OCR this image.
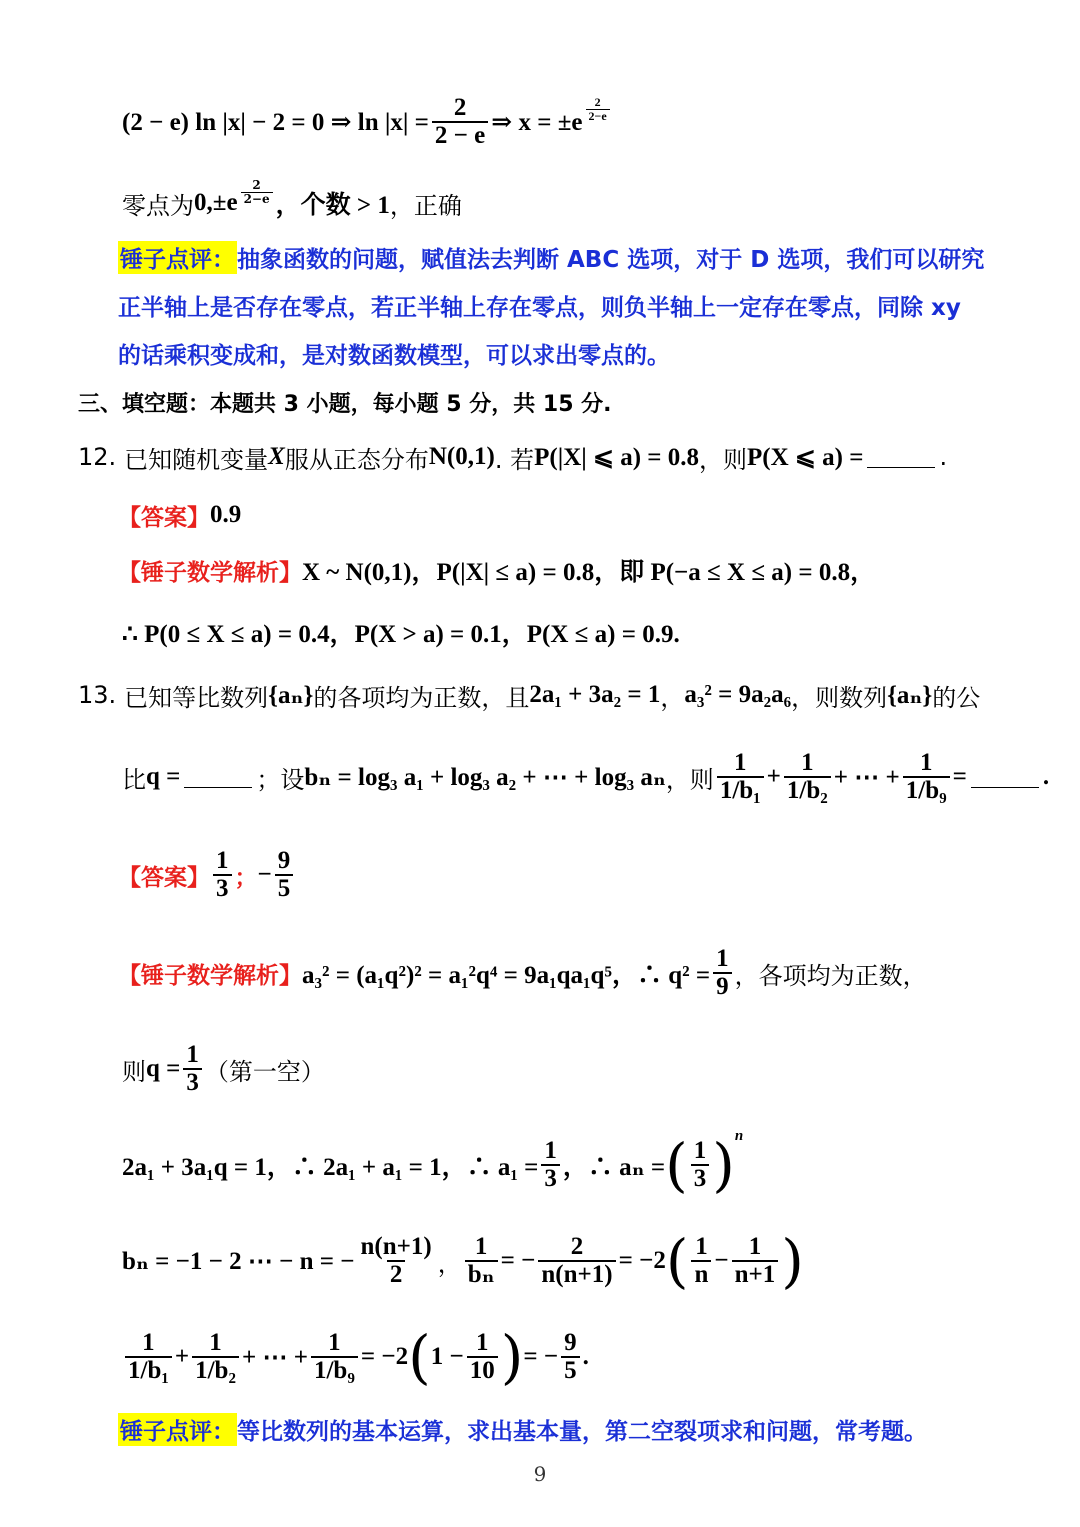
(2 − e) ln |x| − 2 = 0 ⇒ $\ln |x| = \frac{2}{2 - e}$ ⇒ $x = \pm e \frac{2}{2-e}$
零点为 $0,\pm e \frac{2}{2-e}$ ，个数 > 1 ，正确
锤子点评： 抽象函数的问题，赋值法去判断 ABC 选项，对于 D 选项，我们可以研究
正半轴上是否存在零点，若正半轴上存在零点，则负半轴上一定存在零点，同除 xy
的话乘积变成和，是对数函数模型，可以求出零点的。
三、填空题：本题共 3 小题，每小题 5 分，共 15 分.
12. 已知随机变量 X 服从正态分布 N(0,1) . 若 P(|X| ⩽ a) = 0.8 ，则 P(X ⩽ a) =	.
【答案】 0.9
【锤子数学解析】 X ~ N(0,1)，P(|X| ≤ a) = 0.8，即 P(−a ≤ X ≤ a) = 0.8，
∴ P(0 ≤ X ≤ a) = 0.4，P(X > a) = 0.1，P(X ≤ a) = 0.9.
13. 已知等比数列 {aₙ} 的各项均为正数，且 2a₁ + 3a₂ = 1 ， a₃² = 9a₂a₆ ，则数列 {aₙ} 的公
比 q =	；设 bₙ = log₃ a₁ + log₃ a₂ + ⋯ + log₃ aₙ ，则 $\frac{1}{\text{1/b₁}} + \frac{1}{\text{1/b₂}}$ + ⋯ + $\frac{1}{\text{1/b₉}}$ =	.
【答案】 $\frac{1}{3}$ ； − $\frac{9}{5}$
【锤子数学解析】 a₃² = (a₁q²)² = a₁²q⁴ = 9a₁qa₁q⁵，∴ $q^2 = \frac{1}{9}$ ，各项均为正数，
则 $q = \frac{1}{3}$ （第一空）
2a₁ + 3a₁q = 1，∴ 2a₁ + a₁ = 1，∴ $a_1 = \frac{1}{3}$ ，∴ aₙ = ( $\frac{1}{3}$ ) n
bₙ = −1 − 2 ⋯ − n = − $\frac{n(n+1)}{2}$ ， $\frac{1}{\text{bₙ}}$ = − $\frac{2}{n(n+1)} = -2$ ( $\frac{1}{n} - \frac{1}{n+1}$ )
$\frac{1}{\text{1/b₁}} + \frac{1}{\text{1/b₂}}$ + ⋯ + $\frac{1}{\text{1/b₉}} = -2$ ( $1 - \frac{1}{10}$ ) = − $\frac{9}{5}$ .
锤子点评： 等比数列的基本运算，求出基本量，第二空裂项求和问题，常考题。
9
